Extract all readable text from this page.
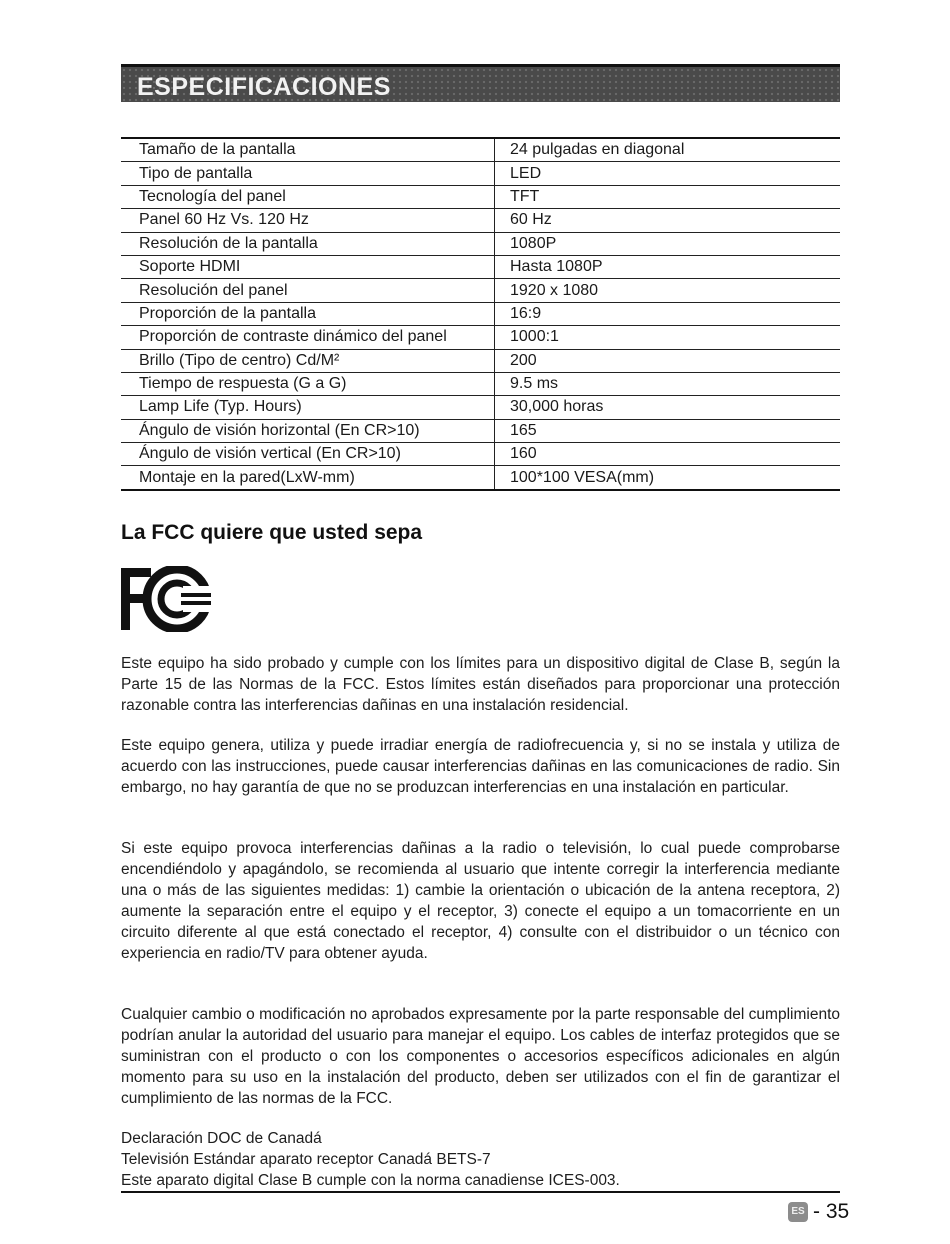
ESPECIFICACIONES
Tamaño de la pantalla	24 pulgadas en diagonal
Tipo de pantalla	LED
Tecnología del panel	TFT
Panel 60 Hz Vs. 120 Hz	60 Hz
Resolución de la pantalla	1080P
Soporte HDMI	Hasta 1080P
Resolución del panel	1920 x 1080
Proporción de la pantalla	16:9
Proporción de contraste dinámico del panel	1000:1
Brillo (Tipo de centro) Cd/M²	200
Tiempo de respuesta (G a G)	9.5 ms
Lamp Life (Typ. Hours)	30,000 horas
Ángulo de visión horizontal (En CR>10)	165
Ángulo de visión vertical (En CR>10)	160
Montaje en la pared(LxW-mm)	100*100 VESA(mm)
La FCC quiere que usted sepa
Este equipo ha sido probado y cumple con los límites para un dispositivo digital de Clase B, según la Parte 15 de las Normas de la FCC. Estos límites están diseñados para proporcionar una protección razonable contra las interferencias dañinas en una instalación residencial.
Este equipo genera, utiliza y puede irradiar energía de radiofrecuencia y, si no se instala y utiliza de acuerdo con las instrucciones, puede causar interferencias dañinas en las comunicaciones de radio. Sin embargo, no hay garantía de que no se produzcan interferencias en una instalación en particular.
Si este equipo provoca interferencias dañinas a la radio o televisión, lo cual puede comprobarse encendiéndolo y apagándolo, se recomienda al usuario que intente corregir la interferencia mediante una o más de las siguientes medidas: 1) cambie la orientación o ubicación de la antena receptora, 2) aumente la separación entre el equipo y el receptor, 3) conecte el equipo a un tomacorriente en un circuito diferente al que está conectado el receptor, 4) consulte con el distribuidor o un técnico con experiencia en radio/TV para obtener ayuda.
Cualquier cambio o modificación no aprobados expresamente por la parte responsable del cumplimiento podrían anular la autoridad del usuario para manejar el equipo. Los cables de interfaz protegidos que se suministran con el producto o con los componentes o accesorios específicos adicionales en algún momento para su uso en la instalación del producto, deben ser utilizados con el fin de garantizar el cumplimiento de las normas de la FCC.
Declaración DOC de Canadá
Televisión Estándar aparato receptor Canadá BETS-7
Este aparato digital Clase B cumple con la norma canadiense ICES-003.
ES - 35
